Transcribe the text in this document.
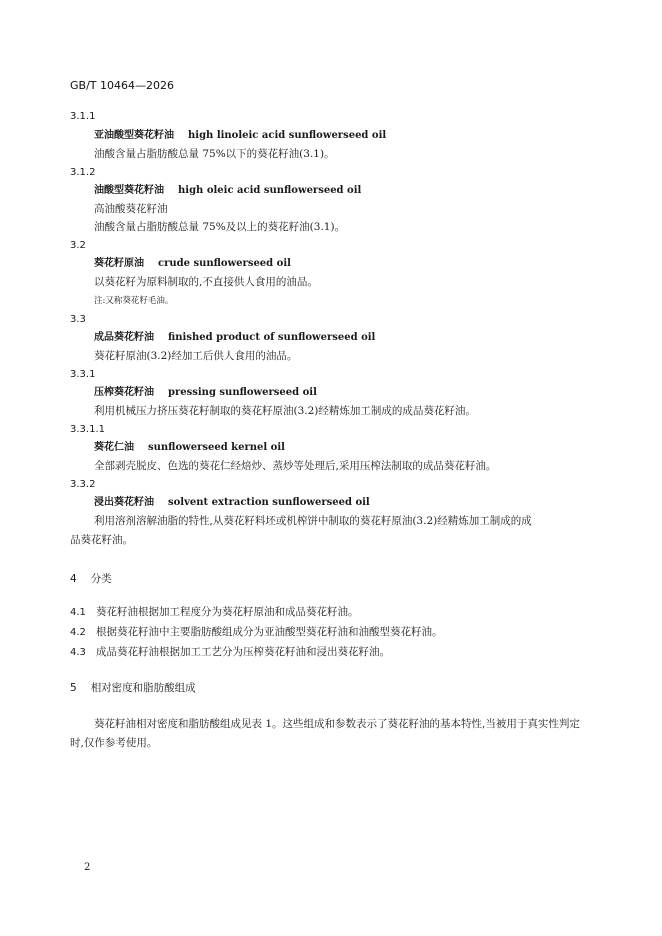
GB/T 10464—2026
3.1.1
亚油酸型葵花籽油 high linoleic acid sunflowerseed oil
油酸含量占脂肪酸总量 75%以下的葵花籽油(3.1)。
3.1.2
油酸型葵花籽油 high oleic acid sunflowerseed oil
高油酸葵花籽油
油酸含量占脂肪酸总量 75%及以上的葵花籽油(3.1)。
3.2
葵花籽原油 crude sunflowerseed oil
以葵花籽为原料制取的,不直接供人食用的油品。
注:又称葵花籽毛油。
3.3
成品葵花籽油 finished product of sunflowerseed oil
葵花籽原油(3.2)经加工后供人食用的油品。
3.3.1
压榨葵花籽油 pressing sunflowerseed oil
利用机械压力挤压葵花籽制取的葵花籽原油(3.2)经精炼加工制成的成品葵花籽油。
3.3.1.1
葵花仁油 sunflowerseed kernel oil
全部剥壳脱皮、色选的葵花仁经焙炒、蒸炒等处理后,采用压榨法制取的成品葵花籽油。
3.3.2
浸出葵花籽油 solvent extraction sunflowerseed oil
利用溶剂溶解油脂的特性,从葵花籽料坯或机榨饼中制取的葵花籽原油(3.2)经精炼加工制成的成
品葵花籽油。
4 分类
4.1 葵花籽油根据加工程度分为葵花籽原油和成品葵花籽油。
4.2 根据葵花籽油中主要脂肪酸组成分为亚油酸型葵花籽油和油酸型葵花籽油。
4.3 成品葵花籽油根据加工工艺分为压榨葵花籽油和浸出葵花籽油。
5 相对密度和脂肪酸组成
葵花籽油相对密度和脂肪酸组成见表 1。这些组成和参数表示了葵花籽油的基本特性,当被用于真实性判定时,仅作参考使用。
2
